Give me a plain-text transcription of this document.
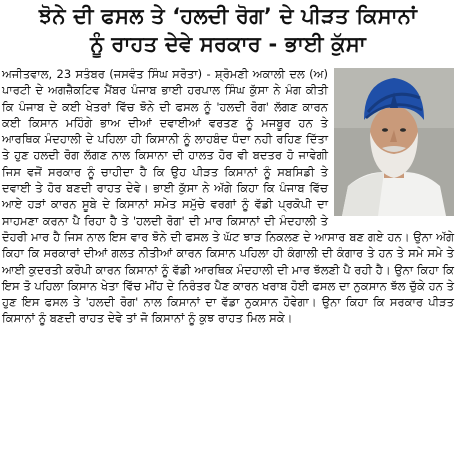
ਝੋਨੇ ਦੀ ਫਸਲ ਤੇ ‘ਹਲਦੀ ਰੋਗ’ ਦੇ ਪੀੜਤ ਕਿਸਾਨਾਂ
ਨੂੰ ਰਾਹਤ ਦੇਵੇ ਸਰਕਾਰ - ਭਾਈ ਕੁੱਸਾ
ਅਜੀਤਵਾਲ, 23 ਸਤੰਬਰ (ਜਸਵੰਤ ਸਿੰਘ ਸਰੋਤਾ) - ਸ਼੍ਰੋਮਣੀ ਅਕਾਲੀ ਦਲ (ਅ) ਪਾਰਟੀ ਦੇ ਅਗਜ਼ੈਕਟਿਵ ਮੈਂਬਰ ਪੰਜਾਬ ਭਾਈ ਹਰਪਾਲ ਸਿੰਘ ਕੁੱਸਾ ਨੇ ਮੰਗ ਕੀਤੀ ਕਿ ਪੰਜਾਬ ਦੇ ਕਈ ਖੇਤਰਾਂ ਵਿੱਚ ਝੋਨੇ ਦੀ ਫਸਲ ਨੂੰ 'ਹਲਦੀ ਰੋਗ' ਲੱਗਣ ਕਾਰਨ ਕਈ ਕਿਸਾਨ ਮਹਿੰਗੇ ਭਾਅ ਦੀਆਂ ਦਵਾਈਆਂ ਵਰਤਣ ਨੂੰ ਮਜਬੂਰ ਹਨ ਤੇ ਆਰਥਿਕ ਮੰਦਹਾਲੀ ਦੇ ਪਹਿਲਾ ਹੀ ਕਿਸਾਨੀ ਨੂੰ ਲਾਹਬੰਦ ਧੰਦਾ ਨਹੀ ਰਹਿਣ ਦਿੱਤਾ ਤੇ ਹੁਣ ਹਲਦੀ ਰੋਗ ਲੱਗਣ ਨਾਲ ਕਿਸਾਨਾ ਦੀ ਹਾਲਤ ਹੋਰ ਵੀ ਬਦਤਰ ਹੋ ਜਾਵੇਗੀ ਜਿਸ ਵਜੋਂ ਸਰਕਾਰ ਨੂੰ ਚਾਹੀਦਾ ਹੈ ਕਿ ਉਹ ਪੀੜਤ ਕਿਸਾਨਾਂ ਨੂੰ ਸਬਸਿਡੀ ਤੇ ਦਵਾਈ ਤੇ ਹੋਰ ਬਣਦੀ ਰਾਹਤ ਦੇਵੇ। ਭਾਈ ਕੁੱਸਾ ਨੇ ਅੱਗੇ ਕਿਹਾ ਕਿ ਪੰਜਾਬ ਵਿੱਚ ਆਏ ਹੜਾਂ ਕਾਰਨ ਸੂਬੇ ਦੇ ਕਿਸਾਨਾਂ ਸਮੇਤ ਸਮੁੱਚੇ ਵਰਗਾਂ ਨੂੰ ਵੱਡੀ ਪ੍ਰਕੋਪੀ ਦਾ ਸਾਹਮਣਾ ਕਰਨਾ ਪੈ ਰਿਹਾ ਹੈ ਤੇ 'ਹਲਦੀ ਰੋਗ' ਦੀ ਮਾਰ ਕਿਸਾਨਾਂ ਦੀ ਮੰਦਹਾਲੀ ਤੇ ਦੋਹਰੀ ਮਾਰ ਹੈ ਜਿਸ ਨਾਲ ਇਸ ਵਾਰ ਝੋਨੇ ਦੀ ਫਸਲ ਤੇ ਘੱਟ ਝਾੜ ਨਿਕਲਣ ਦੇ ਆਸਾਰ ਬਣ ਗਏ ਹਨ। ਉਨਾ ਅੱਗੇ ਕਿਹਾ ਕਿ ਸਰਕਾਰਾਂ ਦੀਆਂ ਗਲਤ ਨੀਤੀਆਂ ਕਾਰਨ ਕਿਸਾਨ ਪਹਿਲਾ ਹੀ ਕੰਗਾਲੀ ਦੀ ਕੰਗਾਰ ਤੇ ਹਨ ਤੇ ਸਮੇ ਸਮੇ ਤੇ ਆਈ ਕੁਦਰਤੀ ਕਰੋਪੀ ਕਾਰਨ ਕਿਸਾਨਾਂ ਨੂੰ ਵੱਡੀ ਆਰਥਿਕ ਮੰਦਹਾਲੀ ਦੀ ਮਾਰ ਝੱਲਣੀ ਪੈ ਰਹੀ ਹੈ। ਉਨਾ ਕਿਹਾ ਕਿ ਇਸ ਤੋ ਪਹਿਲਾ ਕਿਸਾਨ ਖੇਤਾ ਵਿੱਚ ਮੀਂਹ ਦੇ ਨਿਰੰਤਰ ਪੈਣ ਕਾਰਨ ਖਰਾਬ ਹੋਈ ਫਸਲ ਦਾ ਨੁਕਸਾਨ ਝੱਲ ਚੁੱਕੇ ਹਨ ਤੇ ਹੁਣ ਇਸ ਫਸਲ ਤੇ 'ਹਲਦੀ ਰੋਗ' ਨਾਲ ਕਿਸਾਨਾਂ ਦਾ ਵੱਡਾ ਨੁਕਸਾਨ ਹੋਵੇਗਾ। ਉਨਾ ਕਿਹਾ ਕਿ ਸਰਕਾਰ ਪੀੜਤ ਕਿਸਾਨਾਂ ਨੂੰ ਬਣਦੀ ਰਾਹਤ ਦੇਵੇ ਤਾਂ ਜੋ ਕਿਸਾਨਾਂ ਨੂੰ ਕੁਝ ਰਾਹਤ ਮਿਲ ਸਕੇ।
